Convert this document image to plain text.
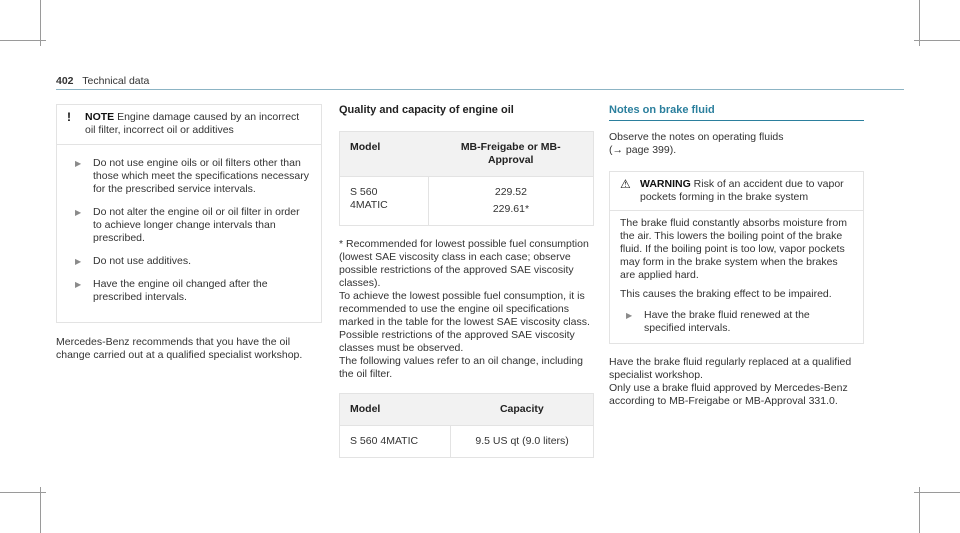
402 Technical data
!	NOTE Engine damage caused by an incorrect oil filter, incorrect oil or additives
▶	Do not use engine oils or oil filters other than those which meet the specifications necessary for the prescribed service intervals.
▶	Do not alter the engine oil or oil filter in order to achieve longer change intervals than prescribed.
▶	Do not use additives.
▶	Have the engine oil changed after the prescribed intervals.

Mercedes-Benz recommends that you have the oil change carried out at a qualified specialist workshop.

Quality and capacity of engine oil
Model	MB-Freigabe or MB-Approval
S 560 4MATIC	229.52
229.61*

* Recommended for lowest possible fuel consumption (lowest SAE viscosity class in each case; observe possible restrictions of the approved SAE viscosity classes).

To achieve the lowest possible fuel consumption, it is recommended to use the engine oil specifications marked in the table for the lowest SAE viscosity class. Possible restrictions of the approved SAE viscosity classes must be observed.

The following values refer to an oil change, including the oil filter.

Model	Capacity
S 560 4MATIC	9.5 US qt (9.0 liters)
Notes on brake fluid

Observe the notes on operating fluids
(→ page 399).

⚠ WARNING Risk of an accident due to vapor pockets forming in the brake system

The brake fluid constantly absorbs moisture from the air. This lowers the boiling point of the brake fluid. If the boiling point is too low, vapor pockets may form in the brake system when the brakes are applied hard.

This causes the braking effect to be impaired.

▶	Have the brake fluid renewed at the specified intervals.

Have the brake fluid regularly replaced at a qualified specialist workshop.

Only use a brake fluid approved by Mercedes-Benz according to MB-Freigabe or MB-Approval 331.0.
